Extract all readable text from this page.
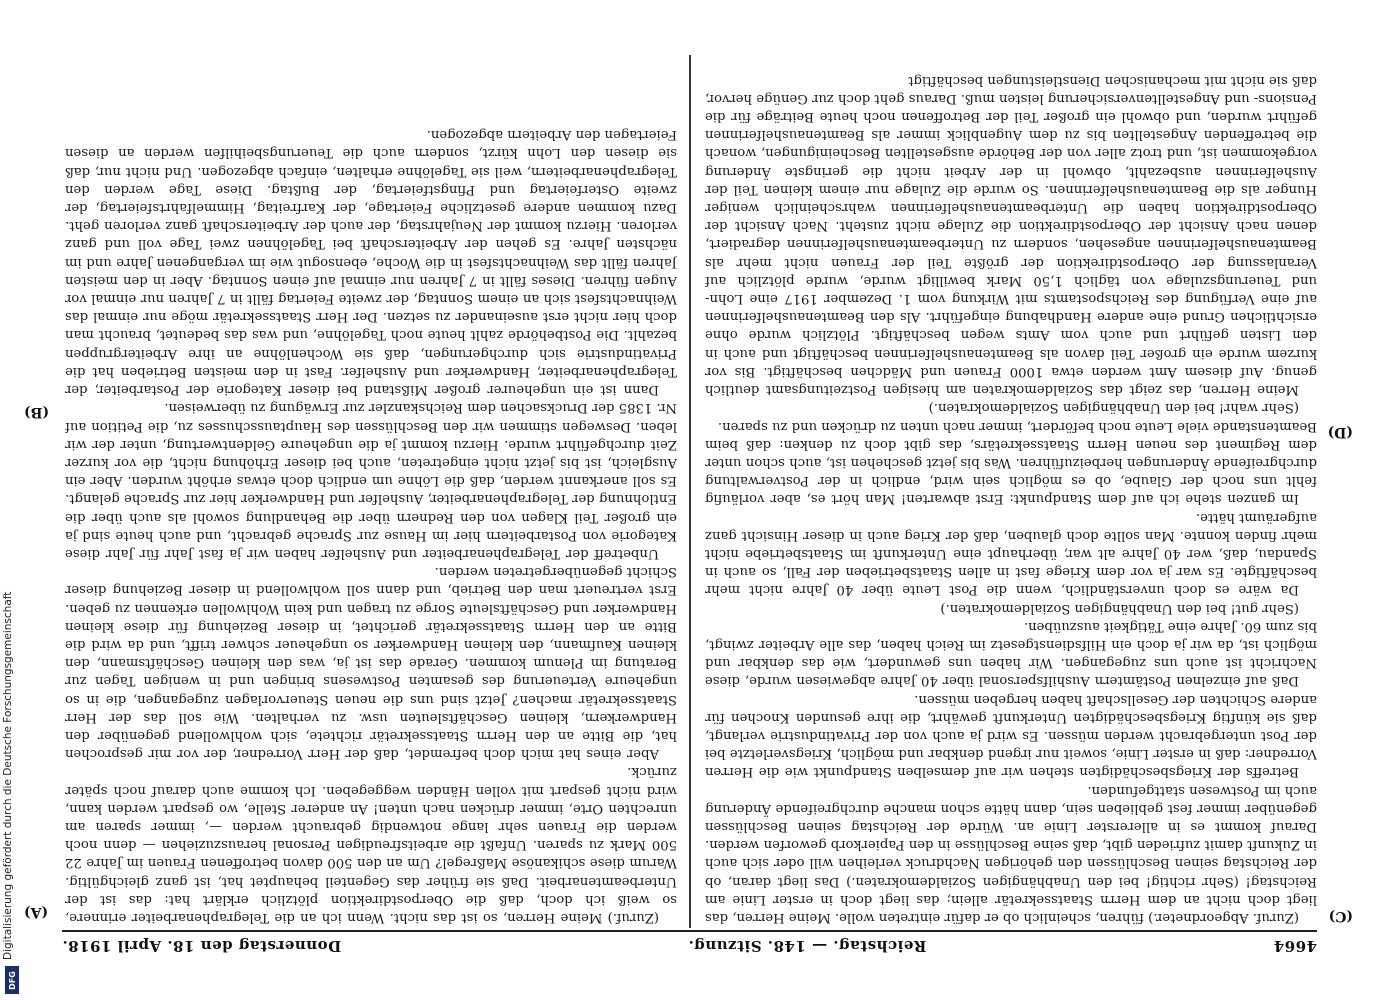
Digitalisierung gefördert durch die Deutsche Forschungsgemeinschaft
DFG
4664
Reichstag. — 148. Sitzung.
Donnerstag den 18. April 1918.
(A)
(B)
(C)
(D)

(Zuruf. Abgeordneter.) führen, scheinlich ob er dafür eintreten wolle. Meine Herren, das liegt doch nicht an dem Herrn Staatssekretär allein; das liegt doch in erster Linie am Reichstag! (Sehr richtig! bei den Unabhängigen Sozialdemokraten.) Das liegt daran, ob der Reichstag seinen Beschlüssen den gehörigen Nachdruck verleihen will oder sich auch in Zukunft damit zufrieden gibt, daß seine Beschlüsse in den Papierkorb geworfen werden. Darauf kommt es in allererster Linie an. Würde der Reichstag seinen Beschlüssen gegenüber immer fest geblieben sein, dann hätte schon manche durchgreifende Änderung auch im Postwesen stattgefunden.

Betreffs der Kriegsbeschädigten stehen wir auf demselben Standpunkt wie die Herren Vorredner: daß in erster Linie, soweit nur irgend denkbar und möglich, Kriegsverletzte bei der Post untergebracht werden müssen. Es wird ja auch von der Privatindustrie verlangt, daß sie künftig Kriegsbeschädigten Unterkunft gewährt, die ihre gesunden Knochen für andere Schichten der Gesellschaft haben hergeben müssen.

Daß auf einzelnen Postämtern Aushilfspersonal über 40 Jahre abgewiesen wurde, diese Nachricht ist auch uns zugegangen. Wir haben uns gewundert, wie das denkbar und möglich ist, da wir ja doch ein Hilfsdienstgesetz im Reich haben, das alle Arbeiter zwingt, bis zum 60. Jahre eine Tätigkeit auszuüben.

(Sehr gut! bei den Unabhängigen Sozialdemokraten.)

Da wäre es doch unverständlich, wenn die Post Leute über 40 Jahre nicht mehr beschäftigte. Es war ja vor dem Kriege fast in allen Staatsbetrieben der Fall, so auch in Spandau, daß, wer 40 Jahre alt war, überhaupt eine Unterkunft im Staatsbetriebe nicht mehr finden konnte. Man sollte doch glauben, daß der Krieg auch in dieser Hinsicht ganz aufgeräumt hätte.

Im ganzen stehe ich auf dem Standpunkt: Erst abwarten! Man hört es, aber vorläufig fehlt uns noch der Glaube, ob es möglich sein wird, endlich in der Postverwaltung durchgreifende Änderungen herbeizuführen. Was bis jetzt geschehen ist, auch schon unter dem Regiment des neuen Herrn Staatssekretärs, das gibt doch zu denken: daß beim Beamtenstande viele Leute noch befördert, immer nach unten zu drücken und zu sparen.

(Sehr wahr! bei den Unabhängigen Sozialdemokraten.)

Meine Herren, das zeigt das Sozialdemokraten am hiesigen Postzeitungsamt deutlich genug. Auf diesem Amt werden etwa 1000 Frauen und Mädchen beschäftigt. Bis vor kurzem wurde ein großer Teil davon als Beamtenaushelferinnen beschäftigt und auch in den Listen geführt und auch vom Amts wegen beschäftigt. Plötzlich wurde ohne ersichtlichen Grund eine andere Handhabung eingeführt. Als den Beamtenaushelferinnen auf eine Verfügung des Reichspostamts mit Wirkung vom 1. Dezember 1917 eine Lohn- und Teuerungszulage von täglich 1,50 Mark bewilligt wurde, wurde plötzlich auf Veranlassung der Oberpostdirektion der größte Teil der Frauen nicht mehr als Beamtenaushelferinnen angesehen, sondern zu Unterbeamtenaushelferinnen degradiert, denen nach Ansicht der Oberpostdirektion die Zulage nicht zusteht. Nach Ansicht der Oberpostdirektion haben die Unterbeamtenaushelferinnen wahrscheinlich weniger Hunger als die Beamtenaushelferinnen. So wurde die Zulage nur einem kleinen Teil der Aushelferinnen ausbezahlt, obwohl in der Arbeit nicht die geringste Änderung vorgekommen ist, und trotz aller von der Behörde ausgestellten Bescheinigungen, wonach die betreffenden Angestellten bis zu dem Augenblick immer als Beamtenaushelferinnen geführt wurden, und obwohl ein großer Teil der Betroffenen noch heute Beiträge für die Pensions- und Angestelltenversicherung leisten muß. Daraus geht doch zur Genüge hervor, daß sie nicht mit mechanischen Dienstleistungen beschäftigt

(Zuruf.) Meine Herren, so ist das nicht. Wenn ich an die Telegraphenarbeiter erinnere, so weiß ich doch, daß die Oberpostdirektion plötzlich erklärt hat: das ist der Unterbeamtenarbeit. Daß sie früher das Gegenteil behauptet hat, ist ganz gleichgültig. Warum diese schikanöse Maßregel? Um an den 500 davon betroffenen Frauen im Jahre 22 500 Mark zu sparen. Unfaßt die arbeitsfreudigen Personal herauszuziehen — denn noch werden die Frauen sehr lange notwendig gebraucht werden —, immer sparen am unrechten Orte, immer drücken nach unten! An anderer Stelle, wo gespart werden kann, wird nicht gespart mit vollen Händen weggegeben. Ich komme auch darauf noch später zurück.

Aber eines hat mich doch befremdet, daß der Herr Vorredner, der vor mir gesprochen hat, die Bitte an den Herrn Staatssekretär richtete, sich wohlwollend gegenüber den Handwerkern, kleinen Geschäftsleuten usw. zu verhalten. Wie soll das der Herr Staatssekretär machen? Jetzt sind uns die neuen Steuervorlagen zugegangen, die in so ungeheure Verteuerung des gesamten Postwesens bringen und in wenigen Tagen zur Beratung im Plenum kommen. Gerade das ist ja, was den kleinen Geschäftsmann, den kleinen Kaufmann, den kleinen Handwerker so ungeheuer schwer trifft, und da wird die Bitte an den Herrn Staatssekretär gerichtet, in dieser Beziehung für diese kleinen Handwerker und Geschäftsleute Sorge zu tragen und kein Wohlwollen erkennen zu geben. Erst vertreuert man den Betrieb, und dann soll wohlwollend in dieser Beziehung dieser Schicht gegenübergetreten werden.

Unbetreff der Telegraphenarbeiter und Aushelfer haben wir ja fast Jahr für Jahr diese Kategorie von Postarbeitern hier im Hause zur Sprache gebracht, und auch heute sind ja ein großer Teil Klagen von den Rednern über die Behandlung sowohl als auch über die Entlohnung der Telegraphenarbeiter, Aushelfer und Handwerker hier zur Sprache gelangt. Es soll anerkannt werden, daß die Löhne um endlich doch etwas erhöht wurden. Aber ein Ausgleich, ist bis jetzt nicht eingetreten, auch bei dieser Erhöhung nicht, die vor kurzer Zeit durchgeführt wurde. Hierzu kommt ja die ungeheure Geldentwertung, unter der wir leben. Deswegen stimmen wir den Beschlüssen des Hauptausschusses zu, die Petition auf Nr. 1385 der Drucksachen dem Reichskanzler zur Erwägung zu überweisen.

Dann ist ein ungeheurer großer Mißstand bei dieser Kategorie der Postarbeiter, der Telegraphenarbeiter, Handwerker und Aushelfer. Fast in den meisten Betrieben hat die Privatindustrie sich durchgerungen, daß sie Wochenlöhne an ihre Arbeitergruppen bezahlt. Die Postbehörde zahlt heute noch Tagelöhne, und was das bedeutet, braucht man doch hier nicht erst auseinander zu setzen. Der Herr Staatssekretär möge nur einmal das Weihnachtsfest sich an einem Sonntag, der zweite Feiertag fällt in 7 Jahren nur einmal vor Augen führen. Dieses fällt in 7 Jahren nur einmal auf einen Sonntag. Aber in den meisten Jahren fällt das Weihnachtsfest in die Woche, ebensogut wie im vergangenen Jahre und im nächsten Jahre. Es gehen der Arbeiterschaft bei Tagelöhnen zwei Tage voll und ganz verloren. Hierzu kommt der Neujahrstag, der auch der Arbeiterschaft ganz verloren geht. Dazu kommen andere gesetzliche Feiertage, der Karfreitag, Himmelfahrtsfeiertag, der zweite Osterfeiertag und Pfingstfeiertag, der Bußtag. Diese Tage werden den Telegraphenarbeitern, weil sie Tagelöhne erhalten, einfach abgezogen. Und nicht nur, daß sie diesen den Lohn kürzt, sondern auch die Teuerungsbeihilfen werden an diesen Feiertagen den Arbeitern abgezogen.
